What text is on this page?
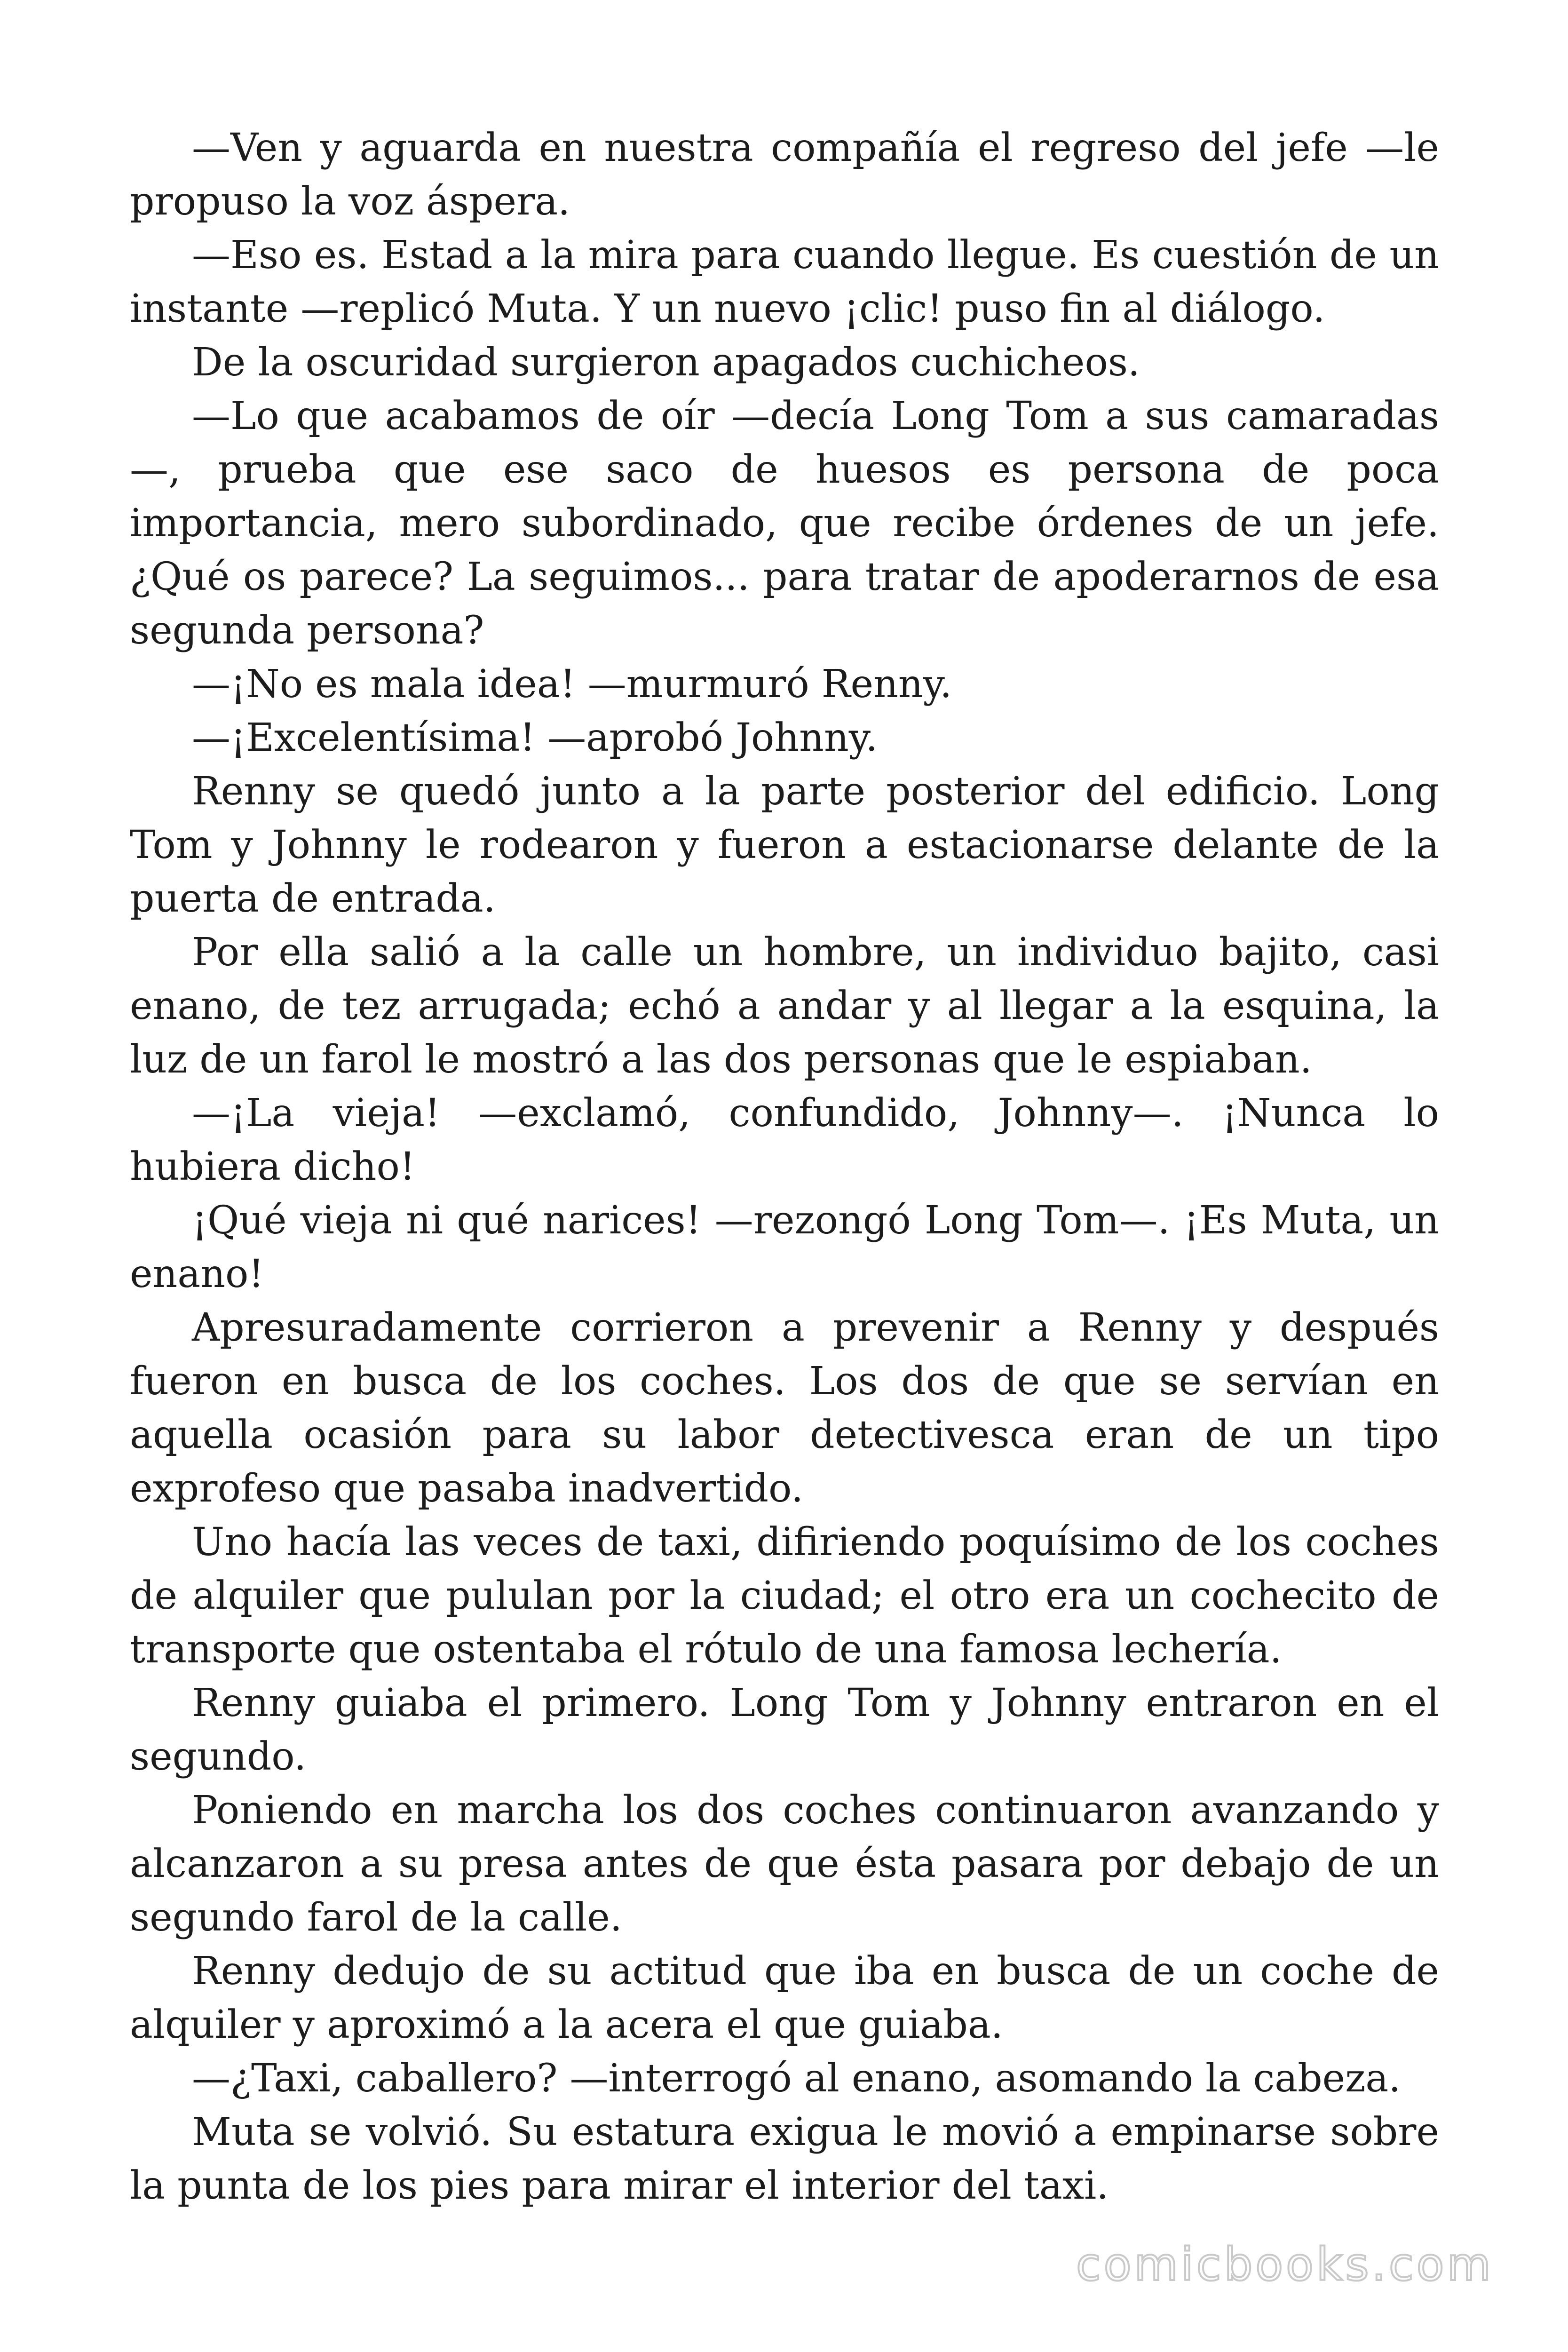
—Ven y aguarda en nuestra compañía el regreso del jefe —le propuso la voz áspera.

—Eso es. Estad a la mira para cuando llegue. Es cuestión de un instante —replicó Muta. Y un nuevo ¡clic! puso fin al diálogo.

De la oscuridad surgieron apagados cuchicheos.

—Lo que acabamos de oír —decía Long Tom a sus camaradas—, prueba que ese saco de huesos es persona de poca importancia, mero subordinado, que recibe órdenes de un jefe. ¿Qué os parece? La seguimos... para tratar de apoderarnos de esa segunda persona?

—¡No es mala idea! —murmuró Renny.

—¡Excelentísima! —aprobó Johnny.

Renny se quedó junto a la parte posterior del edificio. Long Tom y Johnny le rodearon y fueron a estacionarse delante de la puerta de entrada.

Por ella salió a la calle un hombre, un individuo bajito, casi enano, de tez arrugada; echó a andar y al llegar a la esquina, la luz de un farol le mostró a las dos personas que le espiaban.

—¡La vieja! —exclamó, confundido, Johnny—. ¡Nunca lo hubiera dicho!

¡Qué vieja ni qué narices! —rezongó Long Tom—. ¡Es Muta, un enano!

Apresuradamente corrieron a prevenir a Renny y después fueron en busca de los coches. Los dos de que se servían en aquella ocasión para su labor detectivesca eran de un tipo exprofeso que pasaba inadvertido.

Uno hacía las veces de taxi, difiriendo poquísimo de los coches de alquiler que pululan por la ciudad; el otro era un cochecito de transporte que ostentaba el rótulo de una famosa lechería.

Renny guiaba el primero. Long Tom y Johnny entraron en el segundo.

Poniendo en marcha los dos coches continuaron avanzando y alcanzaron a su presa antes de que ésta pasara por debajo de un segundo farol de la calle.

Renny dedujo de su actitud que iba en busca de un coche de alquiler y aproximó a la acera el que guiaba.

—¿Taxi, caballero? —interrogó al enano, asomando la cabeza.

Muta se volvió. Su estatura exigua le movió a empinarse sobre la punta de los pies para mirar el interior del taxi.

comicbooks.com
